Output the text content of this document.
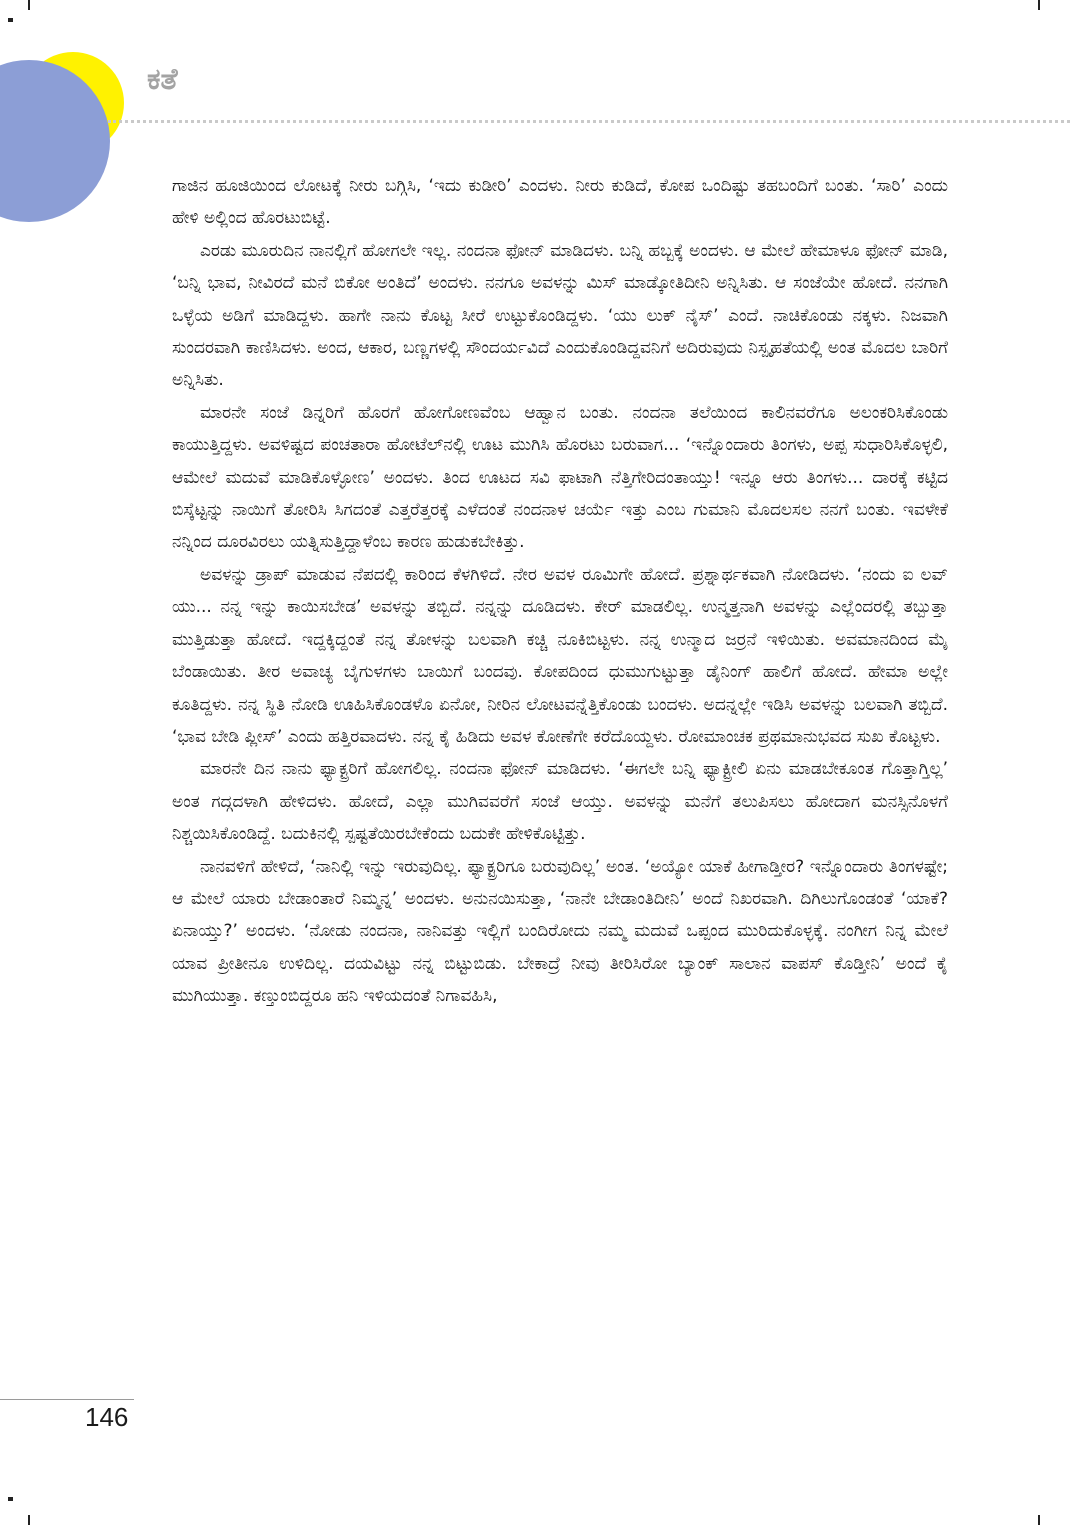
ಕತೆ

ಗಾಜಿನ ಹೂಜಿಯಿಂದ ಲೋಟಕ್ಕೆ ನೀರು ಬಗ್ಗಿಸಿ, ‘ಇದು ಕುಡೀರಿ’ ಎಂದಳು. ನೀರು ಕುಡಿದೆ, ಕೋಪ ಒಂದಿಷ್ಟು ತಹಬಂದಿಗೆ ಬಂತು. ‘ಸಾರಿ’ ಎಂದು ಹೇಳಿ ಅಲ್ಲಿಂದ ಹೊರಟುಬಿಟ್ಟೆ.

ಎರಡು ಮೂರುದಿನ ನಾನಲ್ಲಿಗೆ ಹೋಗಲೇ ಇಲ್ಲ. ನಂದನಾ ಫೋನ್ ಮಾಡಿದಳು. ಬನ್ನಿ ಹಬ್ಬಕ್ಕೆ ಅಂದಳು. ಆ ಮೇಲೆ ಹೇಮಾಳೂ ಫೋನ್ ಮಾಡಿ, ‘ಬನ್ನಿ ಭಾವ, ನೀವಿರದೆ ಮನೆ ಬಿಕೋ ಅಂತಿದೆ’ ಅಂದಳು. ನನಗೂ ಅವಳನ್ನು ಮಿಸ್ ಮಾಡ್ಕೋತಿದೀನಿ ಅನ್ನಿಸಿತು. ಆ ಸಂಜೆಯೇ ಹೋದೆ. ನನಗಾಗಿ ಒಳ್ಳೆಯ ಅಡಿಗೆ ಮಾಡಿದ್ದಳು. ಹಾಗೇ ನಾನು ಕೊಟ್ಟ ಸೀರೆ ಉಟ್ಟುಕೊಂಡಿದ್ದಳು. ‘ಯು ಲುಕ್ ನೈಸ್’ ಎಂದೆ. ನಾಚಿಕೊಂಡು ನಕ್ಕಳು. ನಿಜವಾಗಿ ಸುಂದರವಾಗಿ ಕಾಣಿಸಿದಳು. ಅಂದ, ಆಕಾರ, ಬಣ್ಣಗಳಲ್ಲಿ ಸೌಂದರ್ಯವಿದೆ ಎಂದುಕೊಂಡಿದ್ದವನಿಗೆ ಅದಿರುವುದು ನಿಸ್ಪೃಹತೆಯಲ್ಲಿ ಅಂತ ಮೊದಲ ಬಾರಿಗೆ ಅನ್ನಿಸಿತು.

ಮಾರನೇ ಸಂಜೆ ಡಿನ್ನರಿಗೆ ಹೊರಗೆ ಹೋಗೋಣವೆಂಬ ಆಹ್ವಾನ ಬಂತು. ನಂದನಾ ತಲೆಯಿಂದ ಕಾಲಿನವರೆಗೂ ಅಲಂಕರಿಸಿಕೊಂಡು ಕಾಯುತ್ತಿದ್ದಳು. ಅವಳಿಷ್ಟದ ಪಂಚತಾರಾ ಹೋಟೆಲ್‌ನಲ್ಲಿ ಊಟ ಮುಗಿಸಿ ಹೊರಟು ಬರುವಾಗ... ‘ಇನ್ನೊಂದಾರು ತಿಂಗಳು, ಅಪ್ಪ ಸುಧಾರಿಸಿಕೊಳ್ಳಲಿ, ಆಮೇಲೆ ಮದುವೆ ಮಾಡಿಕೊಳ್ಳೋಣ’ ಅಂದಳು. ತಿಂದ ಊಟದ ಸವಿ ಫಾಟಾಗಿ ನೆತ್ತಿಗೇರಿದಂತಾಯ್ತು! ಇನ್ನೂ ಆರು ತಿಂಗಳು... ದಾರಕ್ಕೆ ಕಟ್ಟಿದ ಬಿಸ್ಕೆಟ್ಟನ್ನು ನಾಯಿಗೆ ತೋರಿಸಿ ಸಿಗದಂತೆ ಎತ್ತರೆತ್ತರಕ್ಕೆ ಎಳೆದಂತೆ ನಂದನಾಳ ಚರ್ಯೆ ಇತ್ತು ಎಂಬ ಗುಮಾನಿ ಮೊದಲಸಲ ನನಗೆ ಬಂತು. ಇವಳೇಕೆ ನನ್ನಿಂದ ದೂರವಿರಲು ಯತ್ನಿಸುತ್ತಿದ್ದಾಳೆಂಬ ಕಾರಣ ಹುಡುಕಬೇಕಿತ್ತು.

ಅವಳನ್ನು ಡ್ರಾಪ್ ಮಾಡುವ ನೆಪದಲ್ಲಿ ಕಾರಿಂದ ಕೆಳಗಿಳಿದೆ. ನೇರ ಅವಳ ರೂಮಿಗೇ ಹೋದೆ. ಪ್ರಶ್ನಾರ್ಥಕವಾಗಿ ನೋಡಿದಳು. ‘ನಂದು ಐ ಲವ್ ಯು... ನನ್ನ ಇನ್ನು ಕಾಯಿಸಬೇಡ’ ಅವಳನ್ನು ತಬ್ಬಿದೆ. ನನ್ನನ್ನು ದೂಡಿದಳು. ಕೇರ್ ಮಾಡಲಿಲ್ಲ. ಉನ್ಮತ್ತನಾಗಿ ಅವಳನ್ನು ಎಲ್ಲೆಂದರಲ್ಲಿ ತಬ್ಬುತ್ತಾ ಮುತ್ತಿಡುತ್ತಾ ಹೋದೆ. ಇದ್ದಕ್ಕಿದ್ದಂತೆ ನನ್ನ ತೋಳನ್ನು ಬಲವಾಗಿ ಕಚ್ಚಿ ನೂಕಿಬಿಟ್ಟಳು. ನನ್ನ ಉನ್ಮಾದ ಜರ್ರನೆ ಇಳಿಯಿತು. ಅವಮಾನದಿಂದ ಮೈ ಬೆಂಡಾಯಿತು. ತೀರ ಅವಾಚ್ಯ ಬೈಗುಳಗಳು ಬಾಯಿಗೆ ಬಂದವು. ಕೋಪದಿಂದ ಧುಮುಗುಟ್ಟುತ್ತಾ ಡೈನಿಂಗ್ ಹಾಲಿಗೆ ಹೋದೆ. ಹೇಮಾ ಅಲ್ಲೇ ಕೂತಿದ್ದಳು. ನನ್ನ ಸ್ಥಿತಿ ನೋಡಿ ಊಹಿಸಿಕೊಂಡಳೊ ಏನೋ, ನೀರಿನ ಲೋಟವನ್ನೆತ್ತಿಕೊಂಡು ಬಂದಳು. ಅದನ್ನಲ್ಲೇ ಇಡಿಸಿ ಅವಳನ್ನು ಬಲವಾಗಿ ತಬ್ಬಿದೆ. ‘ಭಾವ ಬೇಡಿ ಪ್ಲೀಸ್’ ಎಂದು ಹತ್ತಿರವಾದಳು. ನನ್ನ ಕೈ ಹಿಡಿದು ಅವಳ ಕೋಣೆಗೇ ಕರೆದೊಯ್ದಳು. ರೋಮಾಂಚಕ ಪ್ರಥಮಾನುಭವದ ಸುಖ ಕೊಟ್ಟಳು.

ಮಾರನೇ ದಿನ ನಾನು ಫ್ಯಾಕ್ಟ್ರರಿಗೆ ಹೋಗಲಿಲ್ಲ. ನಂದನಾ ಫೋನ್ ಮಾಡಿದಳು. ‘ಈಗಲೇ ಬನ್ನಿ ಫ್ಯಾಕ್ಟ್ರೀಲಿ ಏನು ಮಾಡಬೇಕೂಂತ ಗೊತ್ತಾಗ್ತಿಲ್ಲ’ ಅಂತ ಗದ್ಗದಳಾಗಿ ಹೇಳಿದಳು. ಹೋದೆ, ಎಲ್ಲಾ ಮುಗಿವವರೆಗೆ ಸಂಜೆ ಆಯ್ತು. ಅವಳನ್ನು ಮನೆಗೆ ತಲುಪಿಸಲು ಹೋದಾಗ ಮನಸ್ಸಿನೊಳಗೆ ನಿಶ್ಚಯಿಸಿಕೊಂಡಿದ್ದೆ. ಬದುಕಿನಲ್ಲಿ ಸ್ಪಷ್ಟತೆಯಿರಬೇಕೆಂದು ಬದುಕೇ ಹೇಳಿಕೊಟ್ಟಿತ್ತು.

ನಾನವಳಿಗೆ ಹೇಳಿದೆ, ‘ನಾನಿಲ್ಲಿ ಇನ್ನು ಇರುವುದಿಲ್ಲ. ಫ್ಯಾಕ್ಟ್ರರಿಗೂ ಬರುವುದಿಲ್ಲ’ ಅಂತ. ‘ಅಯ್ಯೋ ಯಾಕೆ ಹೀಗಾಡ್ತೀರ? ಇನ್ನೊಂದಾರು ತಿಂಗಳಷ್ಟೇ; ಆ ಮೇಲೆ ಯಾರು ಬೇಡಾಂತಾರೆ ನಿಮ್ಮನ್ನ’ ಅಂದಳು. ಅನುನಯಿಸುತ್ತಾ, ‘ನಾನೇ ಬೇಡಾಂತಿದೀನಿ’ ಅಂದೆ ನಿಖರವಾಗಿ. ದಿಗಿಲುಗೊಂಡಂತೆ ‘ಯಾಕೆ? ಏನಾಯ್ತು?’ ಅಂದಳು. ‘ನೋಡು ನಂದನಾ, ನಾನಿವತ್ತು ಇಲ್ಲಿಗೆ ಬಂದಿರೋದು ನಮ್ಮ ಮದುವೆ ಒಪ್ಪಂದ ಮುರಿದುಕೊಳ್ಳಕ್ಕೆ. ನಂಗೀಗ ನಿನ್ನ ಮೇಲೆ ಯಾವ ಪ್ರೀತೀನೂ ಉಳಿದಿಲ್ಲ. ದಯವಿಟ್ಟು ನನ್ನ ಬಿಟ್ಟುಬಿಡು. ಬೇಕಾದ್ರೆ ನೀವು ತೀರಿಸಿರೋ ಬ್ಯಾಂಕ್ ಸಾಲಾನ ವಾಪಸ್ ಕೊಡ್ತೀನಿ’ ಅಂದೆ ಕೈ ಮುಗಿಯುತ್ತಾ. ಕಣ್ತುಂಬಿದ್ದರೂ ಹನಿ ಇಳಿಯದಂತೆ ನಿಗಾವಹಿಸಿ,

146
